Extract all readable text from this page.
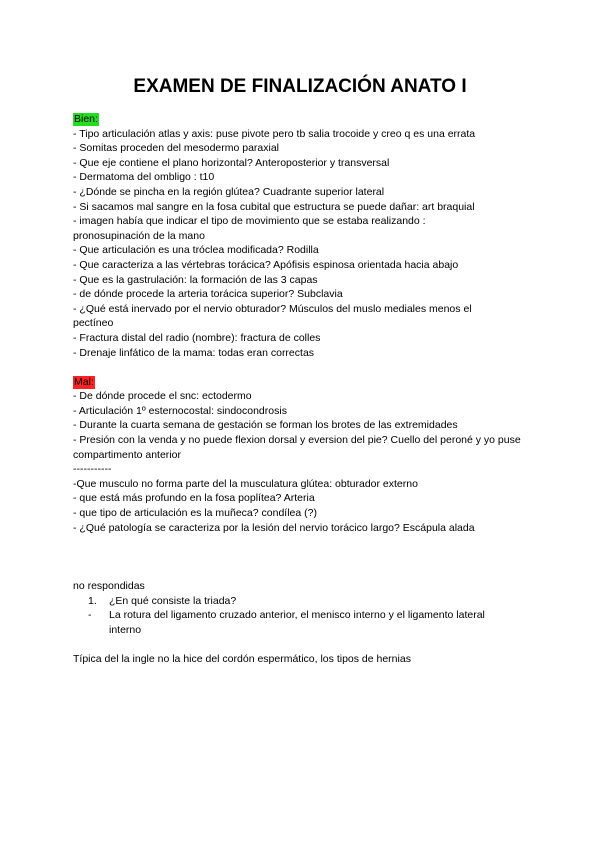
EXAMEN DE FINALIZACIÓN ANATO I
Bien:
- Tipo articulación atlas y axis: puse pivote pero tb salia trocoide y creo q es una errata
- Somitas proceden del mesodermo paraxial
- Que eje contiene el plano horizontal? Anteroposterior y transversal
- Dermatoma del ombligo : t10
- ¿Dónde se pincha en la región glútea? Cuadrante superior lateral
- Si sacamos mal sangre en la fosa cubital que estructura se puede dañar: art braquial
- imagen había que indicar el tipo de movimiento que se estaba realizando : pronosupinación de la mano
- Que articulación es una tróclea modificada? Rodilla
- Que caracteriza a las vértebras torácica? Apófisis espinosa orientada hacia abajo
- Que es la gastrulación: la formación de las 3 capas
- de dónde procede la arteria torácica superior? Subclavia
- ¿Qué está inervado por el nervio obturador? Músculos del muslo mediales menos el pectíneo
- Fractura distal del radio (nombre): fractura de colles
- Drenaje linfático de la mama: todas eran correctas
Mal:
- De dónde procede el snc: ectodermo
- Articulación 1º esternocostal: sindocondrosis
- Durante la cuarta semana de gestación se forman los brotes de las extremidades
- Presión con la venda y no puede flexion dorsal y eversion del pie? Cuello del peroné y yo puse compartimento anterior
-----------
-Que musculo no forma parte del la musculatura glútea: obturador externo
- que está más profundo en la fosa poplítea? Arteria
- que tipo de articulación es la muñeca? condílea (?)
- ¿Qué patología se caracteriza por la lesión del nervio torácico largo? Escápula alada
no respondidas
1.	¿En qué consiste la triada?
-	La rotura del ligamento cruzado anterior, el menisco interno y el ligamento lateral interno
Típica del la ingle no la hice del cordón espermático, los tipos de hernias
